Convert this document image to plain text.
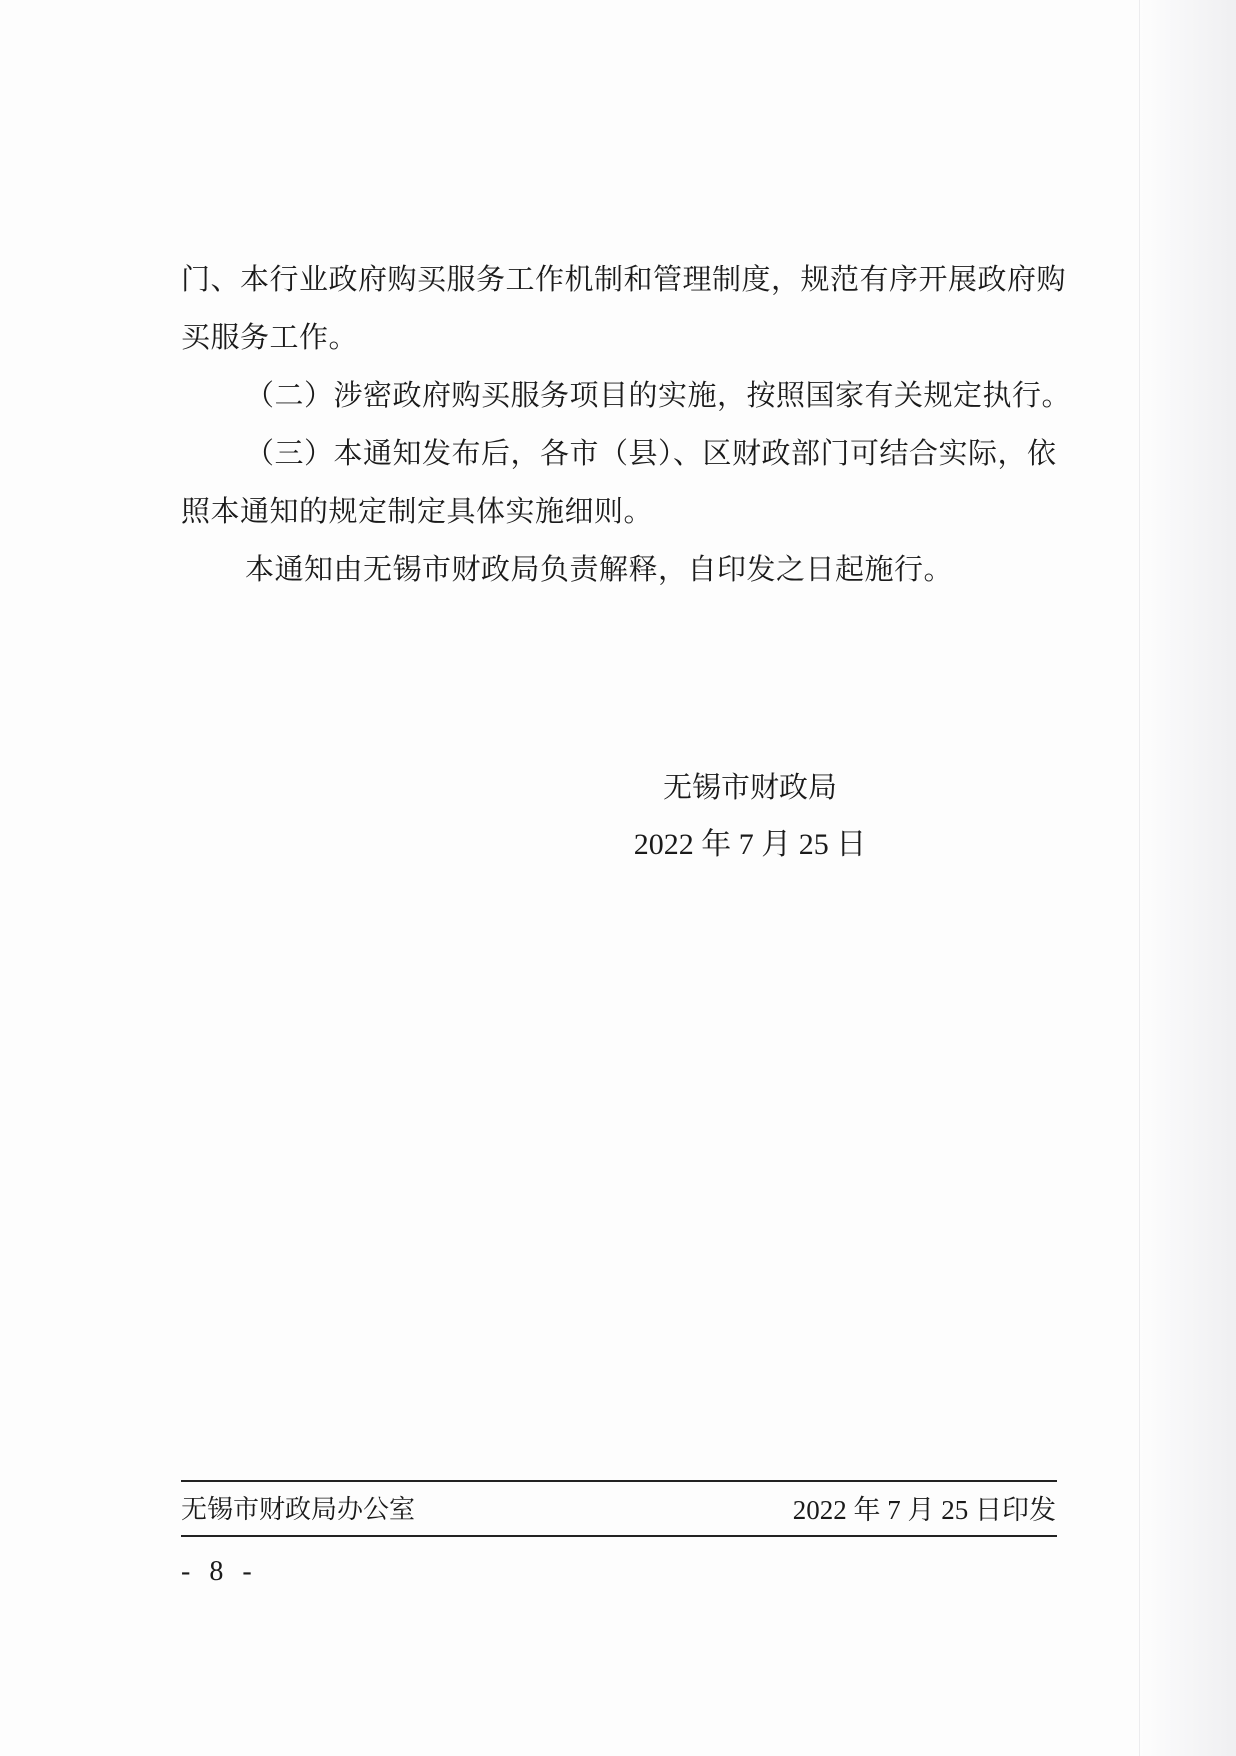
门、本行业政府购买服务工作机制和管理制度，规范有序开展政府购买服务工作。

（二）涉密政府购买服务项目的实施，按照国家有关规定执行。

（三）本通知发布后，各市（县）、区财政部门可结合实际，依照本通知的规定制定具体实施细则。

本通知由无锡市财政局负责解释，自印发之日起施行。

无锡市财政局
2022 年 7 月 25 日
无锡市财政局办公室	2022 年 7 月 25 日印发
- 8 -
